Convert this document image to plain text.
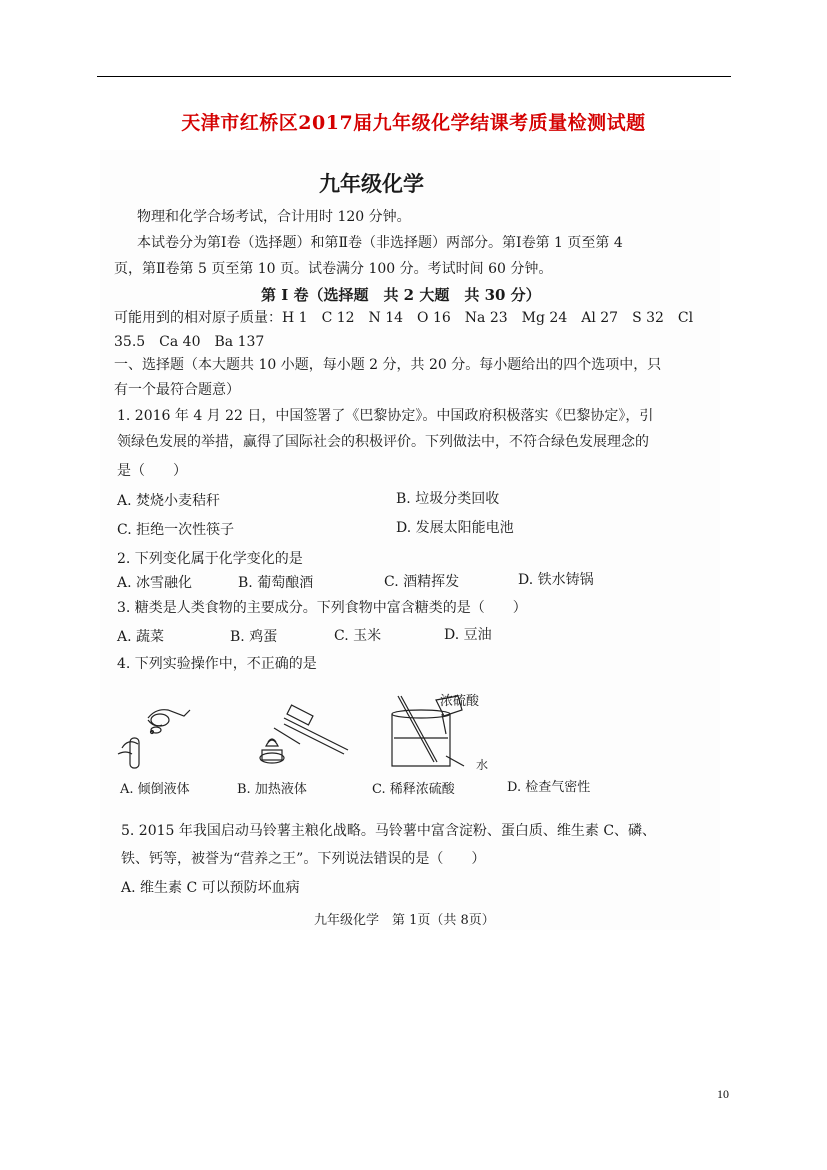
天津市红桥区2017届九年级化学结课考质量检测试题
九年级化学
物理和化学合场考试，合计用时 120 分钟。
本试卷分为第Ⅰ卷（选择题）和第Ⅱ卷（非选择题）两部分。第Ⅰ卷第 1 页至第 4
页，第Ⅱ卷第 5 页至第 10 页。试卷满分 100 分。考试时间 60 分钟。
第 Ⅰ 卷（选择题　共 2 大题　共 30 分）
可能用到的相对原子质量：H 1　C 12　N 14　O 16　Na 23　Mg 24　Al 27　S 32　Cl
35.5　Ca 40　Ba 137
一、选择题（本大题共 10 小题，每小题 2 分，共 20 分。每小题给出的四个选项中，只
有一个最符合题意）
1. 2016 年 4 月 22 日，中国签署了《巴黎协定》。中国政府积极落实《巴黎协定》，引
领绿色发展的举措，赢得了国际社会的积极评价。下列做法中，不符合绿色发展理念的
是（　　）
A. 焚烧小麦秸秆	B. 垃圾分类回收
C. 拒绝一次性筷子	D. 发展太阳能电池
2. 下列变化属于化学变化的是
A. 冰雪融化	B. 葡萄酿酒	C. 酒精挥发	D. 铁水铸锅
3. 糖类是人类食物的主要成分。下列食物中富含糖类的是（　　）
A. 蔬菜	B. 鸡蛋	C. 玉米	D. 豆油
4. 下列实验操作中，不正确的是
浓硫酸
水
A. 倾倒液体	B. 加热液体	C. 稀释浓硫酸	D. 检查气密性
5. 2015 年我国启动马铃薯主粮化战略。马铃薯中富含淀粉、蛋白质、维生素 C、磷、
铁、钙等，被誉为“营养之王”。下列说法错误的是（　　）
A. 维生素 C 可以预防坏血病
九年级化学　第 1页（共 8页）
10
